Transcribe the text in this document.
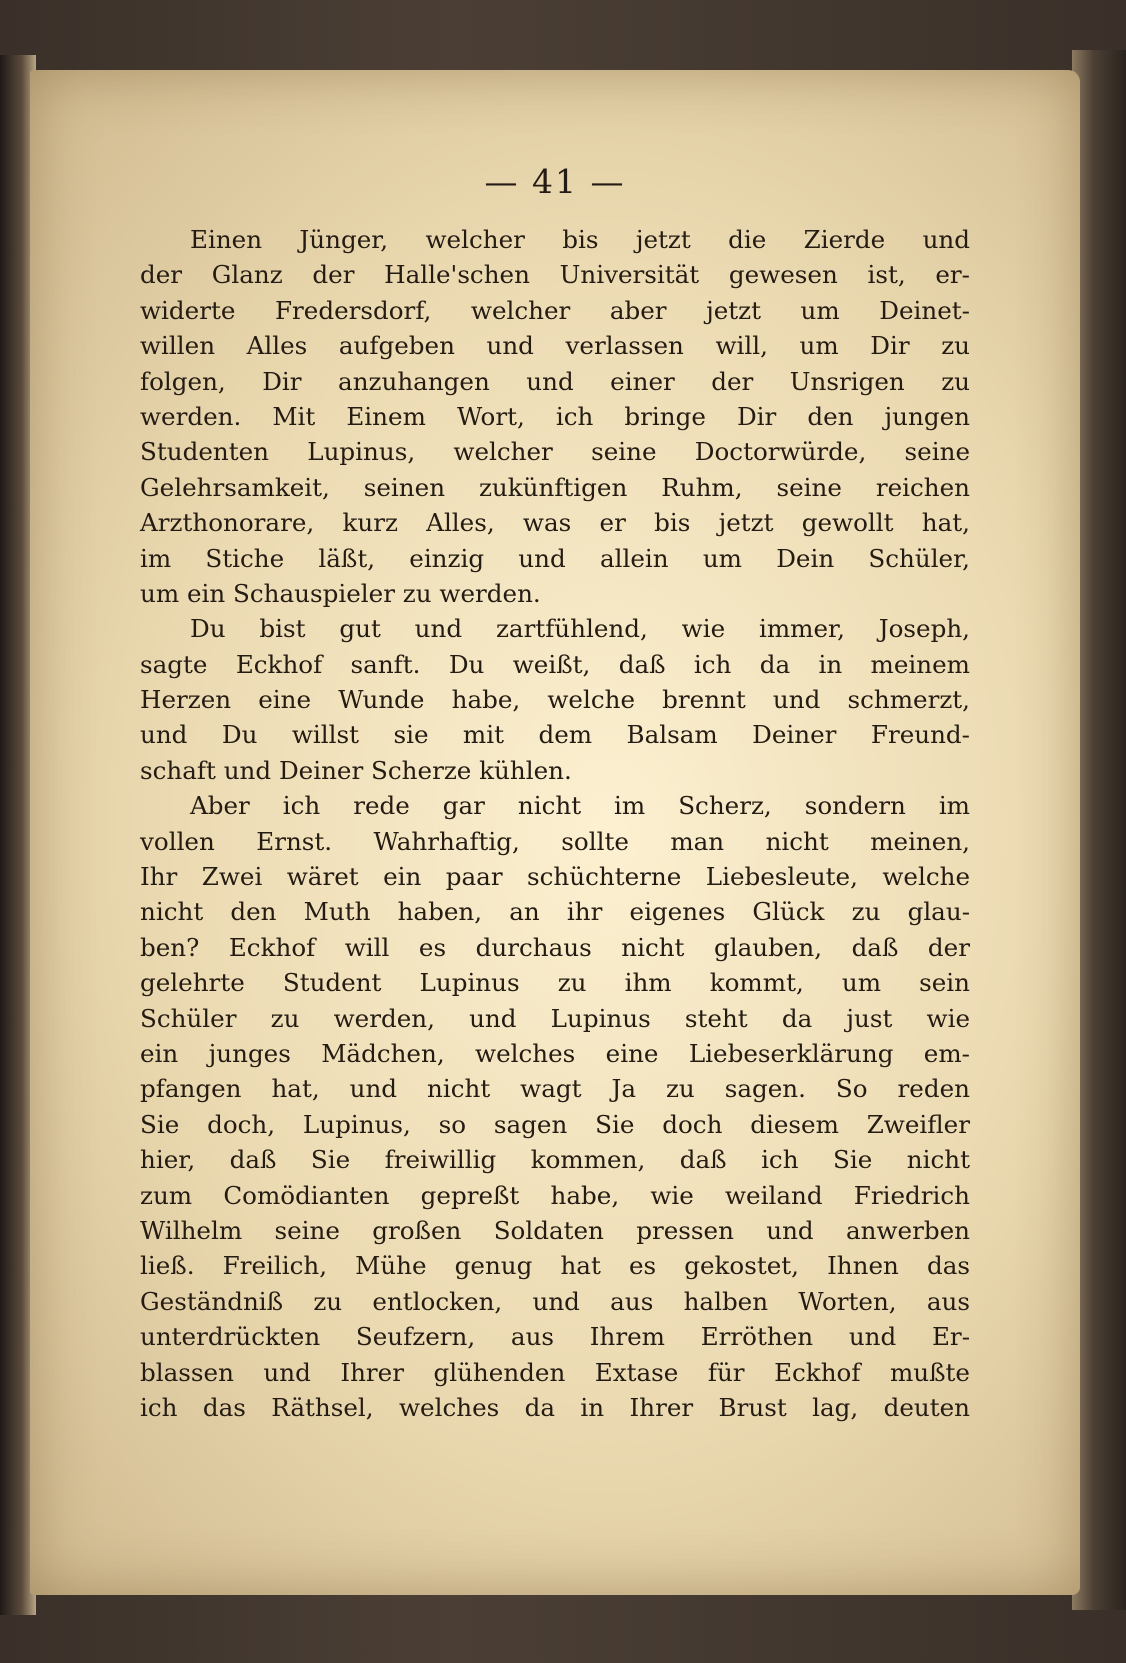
— 41 —
Einen Jünger, welcher bis jetzt die Zierde und
der Glanz der Halle'schen Universität gewesen ist, er-
widerte Fredersdorf, welcher aber jetzt um Deinet-
willen Alles aufgeben und verlassen will, um Dir zu
folgen, Dir anzuhangen und einer der Unsrigen zu
werden. Mit Einem Wort, ich bringe Dir den jungen
Studenten Lupinus, welcher seine Doctorwürde, seine
Gelehrsamkeit, seinen zukünftigen Ruhm, seine reichen
Arzthonorare, kurz Alles, was er bis jetzt gewollt hat,
im Stiche läßt, einzig und allein um Dein Schüler,
um ein Schauspieler zu werden.
Du bist gut und zartfühlend, wie immer, Joseph,
sagte Eckhof sanft. Du weißt, daß ich da in meinem
Herzen eine Wunde habe, welche brennt und schmerzt,
und Du willst sie mit dem Balsam Deiner Freund-
schaft und Deiner Scherze kühlen.
Aber ich rede gar nicht im Scherz, sondern im
vollen Ernst. Wahrhaftig, sollte man nicht meinen,
Ihr Zwei wäret ein paar schüchterne Liebesleute, welche
nicht den Muth haben, an ihr eigenes Glück zu glau-
ben? Eckhof will es durchaus nicht glauben, daß der
gelehrte Student Lupinus zu ihm kommt, um sein
Schüler zu werden, und Lupinus steht da just wie
ein junges Mädchen, welches eine Liebeserklärung em-
pfangen hat, und nicht wagt Ja zu sagen. So reden
Sie doch, Lupinus, so sagen Sie doch diesem Zweifler
hier, daß Sie freiwillig kommen, daß ich Sie nicht
zum Comödianten gepreßt habe, wie weiland Friedrich
Wilhelm seine großen Soldaten pressen und anwerben
ließ. Freilich, Mühe genug hat es gekostet, Ihnen das
Geständniß zu entlocken, und aus halben Worten, aus
unterdrückten Seufzern, aus Ihrem Erröthen und Er-
blassen und Ihrer glühenden Extase für Eckhof mußte
ich das Räthsel, welches da in Ihrer Brust lag, deuten
